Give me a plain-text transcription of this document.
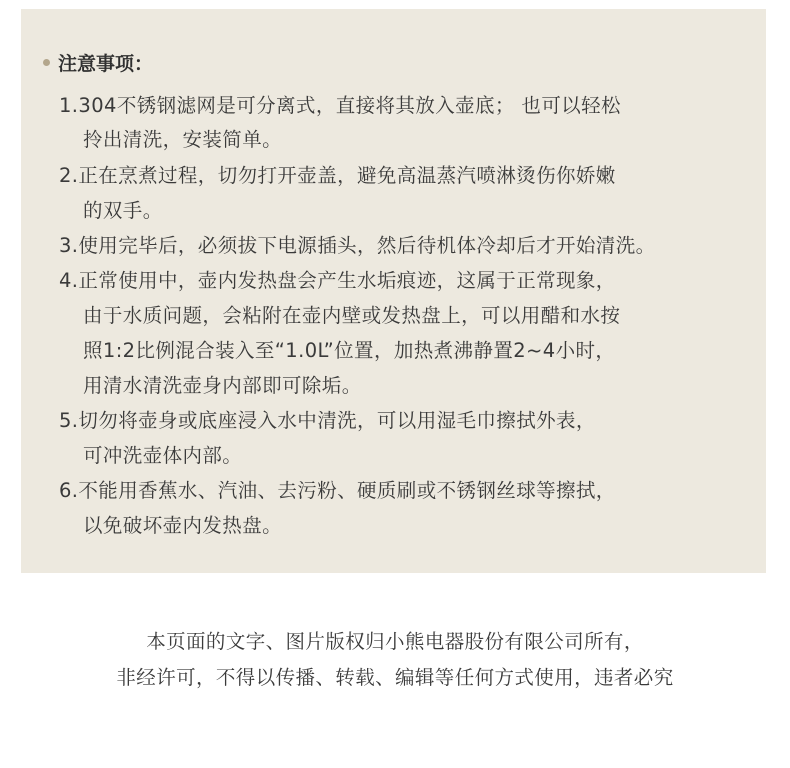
注意事项：
1.304不锈钢滤网是可分离式，直接将其放入壶底； 也可以轻松
拎出清洗，安装简单。
2.正在烹煮过程，切勿打开壶盖，避免高温蒸汽喷淋烫伤你娇嫩
的双手。
3.使用完毕后，必须拔下电源插头，然后待机体冷却后才开始清洗。
4.正常使用中，壶内发热盘会产生水垢痕迹，这属于正常现象，
由于水质问题，会粘附在壶内壁或发热盘上，可以用醋和水按
照1:2比例混合装入至“1.0L”位置，加热煮沸静置2~4小时，
用清水清洗壶身内部即可除垢。
5.切勿将壶身或底座浸入水中清洗，可以用湿毛巾擦拭外表，
可冲洗壶体内部。
6.不能用香蕉水、汽油、去污粉、硬质刷或不锈钢丝球等擦拭，
以免破坏壶内发热盘。
本页面的文字、图片版权归小熊电器股份有限公司所有，
非经许可，不得以传播、转载、编辑等任何方式使用，违者必究
